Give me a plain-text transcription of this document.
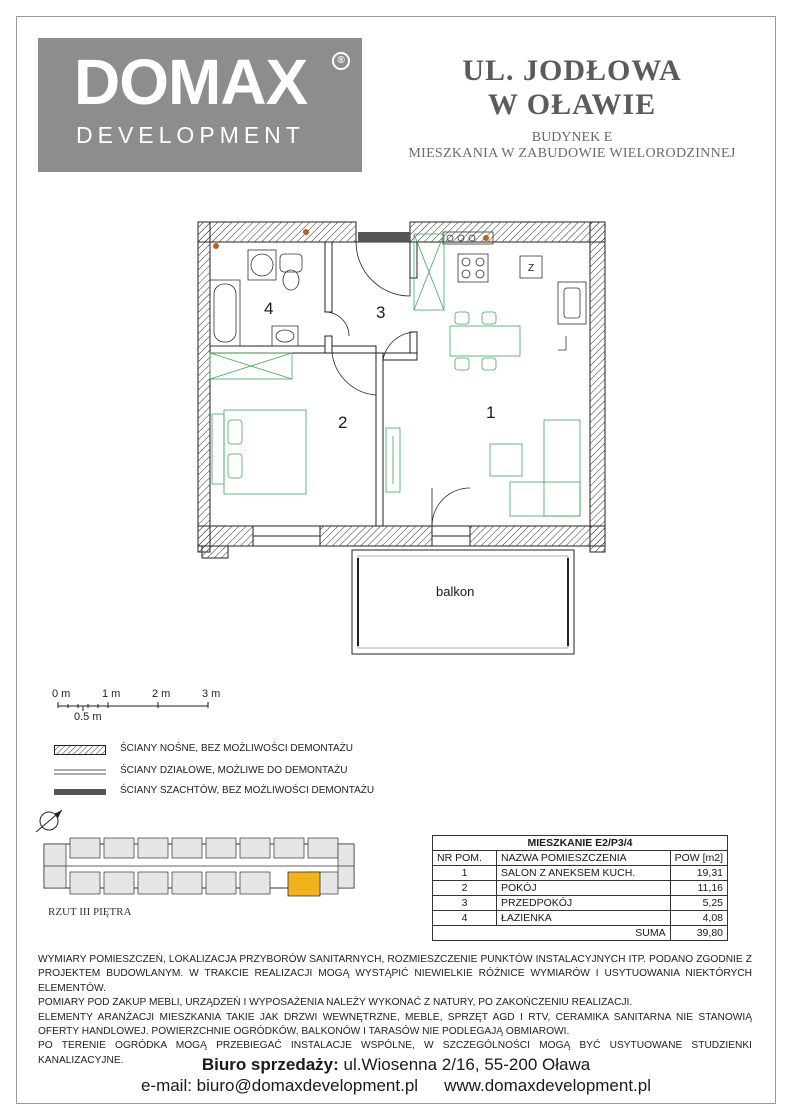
DOMAX	®
DEVELOPMENT
UL. JODŁOWA
W OŁAWIE
BUDYNEK E
MIESZKANIA W ZABUDOWIE WIELORODZINNEJ
Z
1
2
3
4
balkon
0 m	1 m	2 m	3 m
0.5 m
ŚCIANY NOŚNE, BEZ MOŻLIWOŚCI DEMONTAŻU
ŚCIANY DZIAŁOWE, MOŻLIWE DO DEMONTAŻU
ŚCIANY SZACHTÓW, BEZ MOŻLIWOŚCI DEMONTAŻU
RZUT III PIĘTRA
MIESZKANIE E2/P3/4		
NR POM.	NAZWA POMIESZCZENIA	POW [m2]
1	SALON Z ANEKSEM KUCH.	19,31
2	POKÓJ	11,16
3	PRZEDPOKÓJ	5,25
4	ŁAZIENKA	4,08
	SUMA	39,80

WYMIARY POMIESZCZEŃ, LOKALIZACJA PRZYBORÓW SANITARNYCH, ROZMIESZCZENIE PUNKTÓW INSTALACYJNYCH ITP. PODANO ZGODNIE Z PROJEKTEM BUDOWLANYM. W TRAKCIE REALIZACJI MOGĄ WYSTĄPIĆ NIEWIELKIE RÓŻNICE WYMIARÓW I USYTUOWANIA NIEKTÓRYCH ELEMENTÓW.

POMIARY POD ZAKUP MEBLI, URZĄDZEŃ I WYPOSAŻENIA NALEŻY WYKONAĆ Z NATURY, PO ZAKOŃCZENIU REALIZACJI.

ELEMENTY ARANŻACJI MIESZKANIA TAKIE JAK DRZWI WEWNĘTRZNE, MEBLE, SPRZĘT AGD I RTV, CERAMIKA SANITARNA NIE STANOWIĄ OFERTY HANDLOWEJ. POWIERZCHNIE OGRÓDKÓW, BALKONÓW I TARASÓW NIE PODLEGAJĄ OBMIAROWI.

PO TERENIE OGRÓDKA MOGĄ PRZEBIEGAĆ INSTALACJE WSPÓLNE, W SZCZEGÓLNOŚCI MOGĄ BYĆ USYTUOWANE STUDZIENKI KANALIZACYJNE.	Biuro sprzedaży: ul.Wiosenna 2/16, 55-200 Oława
e-mail: biuro@domaxdevelopment.pl www.domaxdevelopment.pl
